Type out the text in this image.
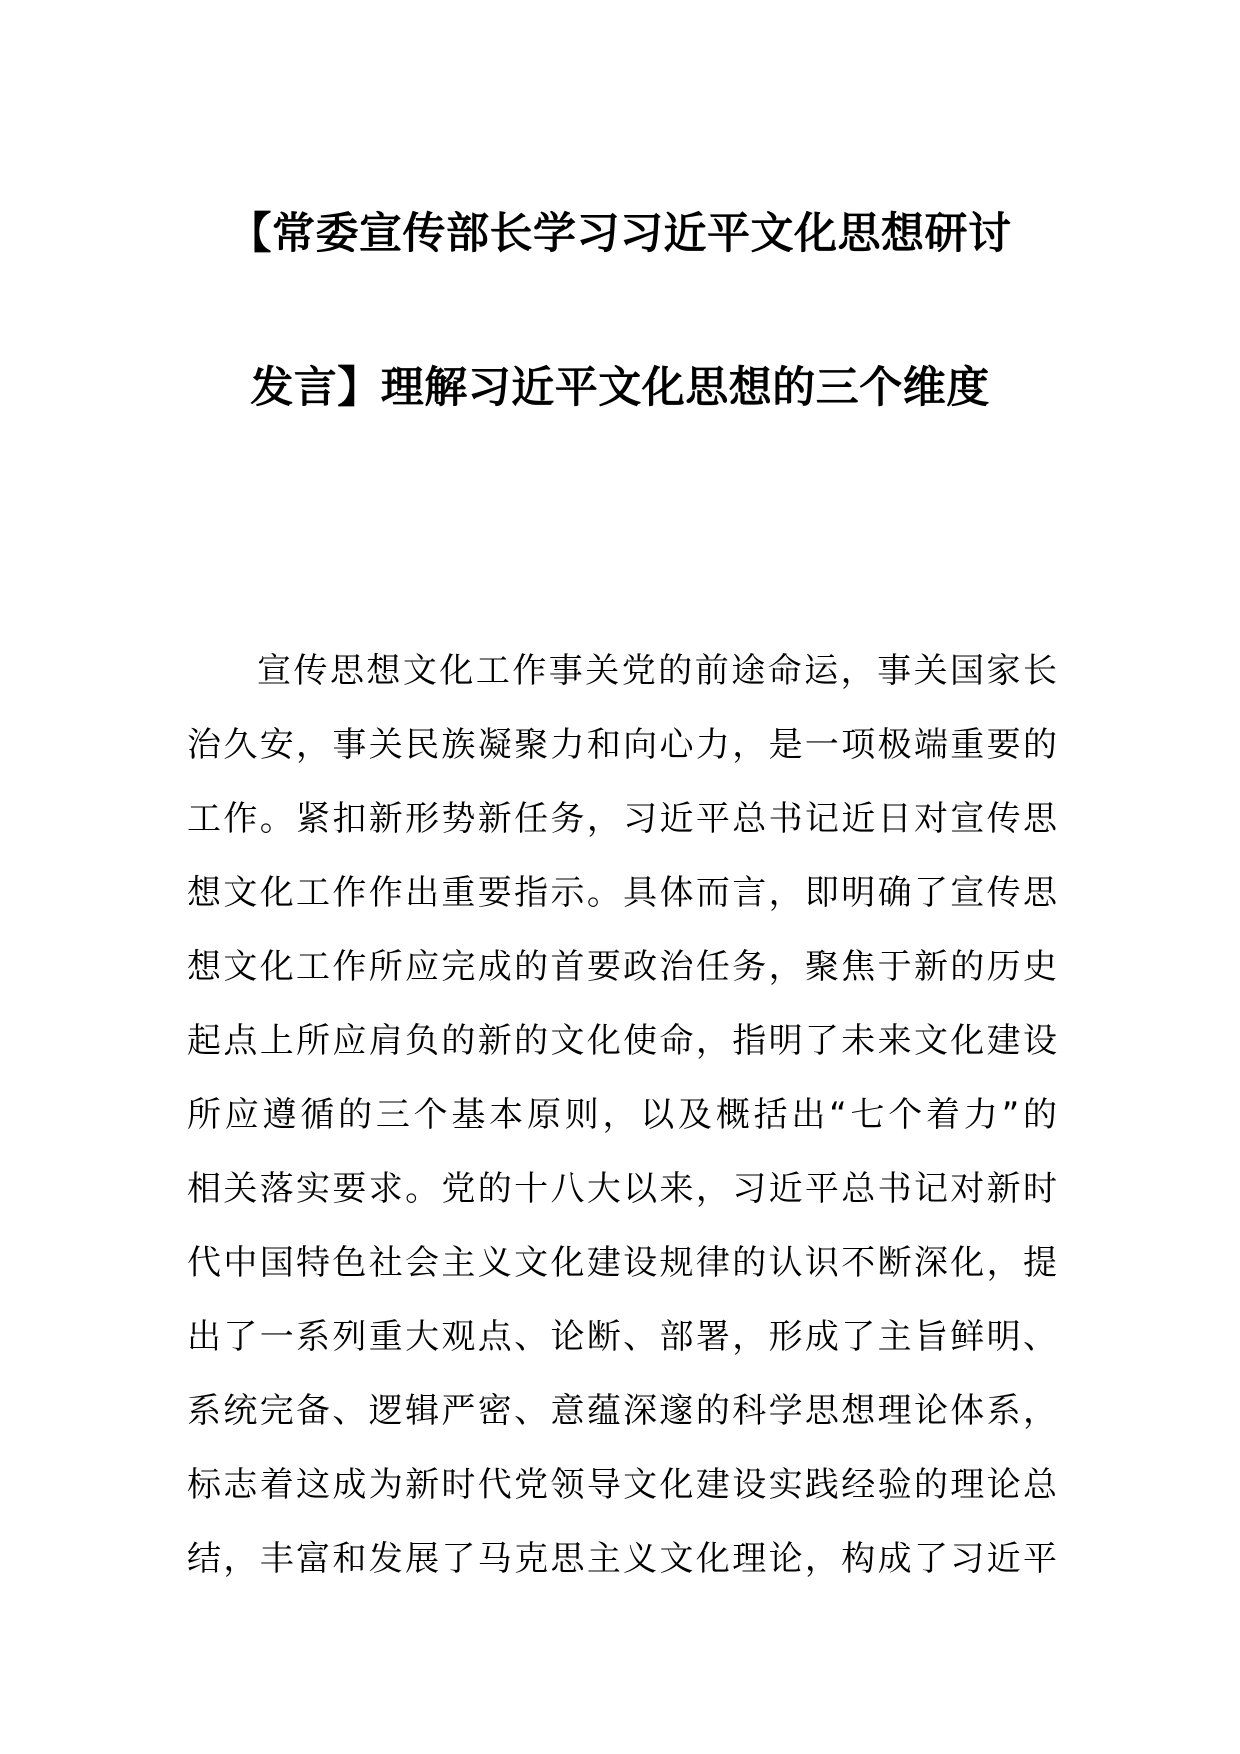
【常委宣传部长学习习近平文化思想研讨
发言】理解习近平文化思想的三个维度
宣传思想文化工作事关党的前途命运，事关国家长
治久安，事关民族凝聚力和向心力，是一项极端重要的
工作。紧扣新形势新任务，习近平总书记近日对宣传思
想文化工作作出重要指示。具体而言，即明确了宣传思
想文化工作所应完成的首要政治任务，聚焦于新的历史
起点上所应肩负的新的文化使命，指明了未来文化建设
所应遵循的三个基本原则，以及概括出“七个着力”的
相关落实要求。党的十八大以来，习近平总书记对新时
代中国特色社会主义文化建设规律的认识不断深化，提
出了一系列重大观点、论断、部署，形成了主旨鲜明、
系统完备、逻辑严密、意蕴深邃的科学思想理论体系，
标志着这成为新时代党领导文化建设实践经验的理论总
结，丰富和发展了马克思主义文化理论，构成了习近平
